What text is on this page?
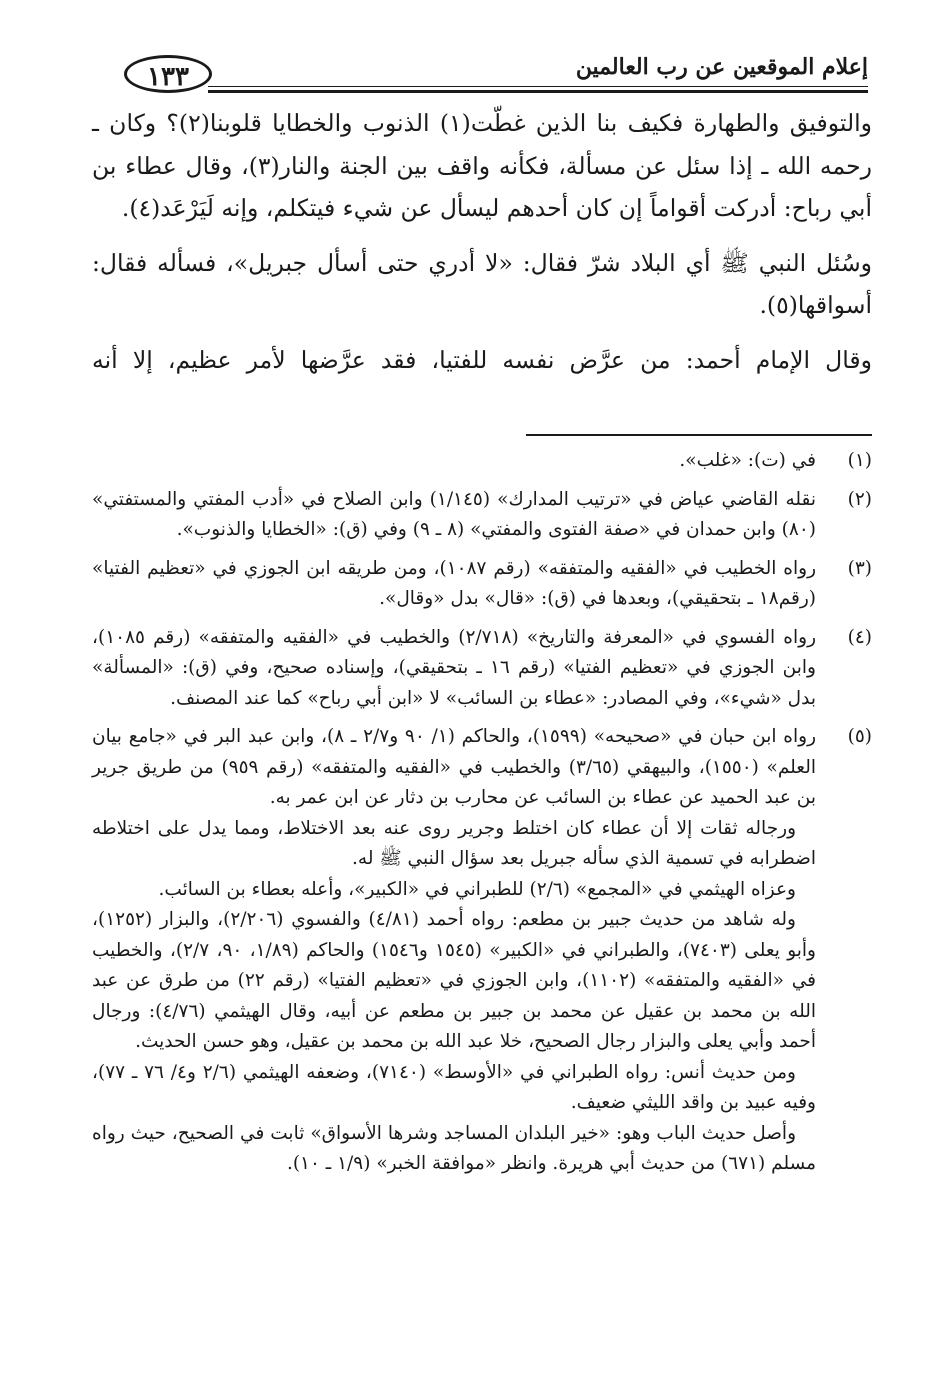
إعلام الموقعين عن رب العالمين
١٣٣

والتوفيق والطهارة فكيف بنا الذين غطّت(١) الذنوب والخطايا قلوبنا(٢)؟ وكان ـ رحمه الله ـ إذا سئل عن مسألة، فكأنه واقف بين الجنة والنار(٣)، وقال عطاء بن أبي رباح: أدركت أقواماً إن كان أحدهم ليسأل عن شيء فيتكلم، وإنه لَيَرْعَد(٤).

وسُئل النبي ﷺ أي البلاد شرّ فقال: «لا أدري حتى أسأل جبريل»، فسأله فقال: أسواقها(٥).

وقال الإمام أحمد: من عرَّض نفسه للفتيا، فقد عرَّضها لأمر عظيم، إلا أنه

(١)

في (ت): «غلب».

(٢)

نقله القاضي عياض في «ترتيب المدارك» (١/١٤٥) وابن الصلاح في «أدب المفتي والمستفتي» (٨٠) وابن حمدان في «صفة الفتوى والمفتي» (٨ ـ ٩) وفي (ق): «الخطايا والذنوب».

(٣)

رواه الخطيب في «الفقيه والمتفقه» (رقم ١٠٨٧)، ومن طريقه ابن الجوزي في «تعظيم الفتيا» (رقم١٨ ـ بتحقيقي)، وبعدها في (ق): «قال» بدل «وقال».

(٤)

رواه الفسوي في «المعرفة والتاريخ» (٢/٧١٨) والخطيب في «الفقيه والمتفقه» (رقم ١٠٨٥)، وابن الجوزي في «تعظيم الفتيا» (رقم ١٦ ـ بتحقيقي)، وإسناده صحيح، وفي (ق): «المسألة» بدل «شيء»، وفي المصادر: «عطاء بن السائب» لا «ابن أبي رباح» كما عند المصنف.

(٥)

رواه ابن حبان في «صحيحه» (١٥٩٩)، والحاكم (١/ ٩٠ و٢/٧ ـ ٨)، وابن عبد البر في «جامع بيان العلم» (١٥٥٠)، والبيهقي (٣/٦٥) والخطيب في «الفقيه والمتفقه» (رقم ٩٥٩) من طريق جرير بن عبد الحميد عن عطاء بن السائب عن محارب بن دثار عن ابن عمر به.

ورجاله ثقات إلا أن عطاء كان اختلط وجرير روى عنه بعد الاختلاط، ومما يدل على اختلاطه اضطرابه في تسمية الذي سأله جبريل بعد سؤال النبي ﷺ له.

وعزاه الهيثمي في «المجمع» (٢/٦) للطبراني في «الكبير»، وأعله بعطاء بن السائب.

وله شاهد من حديث جبير بن مطعم: رواه أحمد (٤/٨١) والفسوي (٢/٢٠٦)، والبزار (١٢٥٢)، وأبو يعلى (٧٤٠٣)، والطبراني في «الكبير» (١٥٤٥ و١٥٤٦) والحاكم (١/٨٩، ٩٠، ٢/٧)، والخطيب في «الفقيه والمتفقه» (١١٠٢)، وابن الجوزي في «تعظيم الفتيا» (رقم ٢٢) من طرق عن عبد الله بن محمد بن عقيل عن محمد بن جبير بن مطعم عن أبيه، وقال الهيثمي (٤/٧٦): ورجال أحمد وأبي يعلى والبزار رجال الصحيح، خلا عبد الله بن محمد بن عقيل، وهو حسن الحديث.

ومن حديث أنس: رواه الطبراني في «الأوسط» (٧١٤٠)، وضعفه الهيثمي (٢/٦ و٤/ ٧٦ ـ ٧٧)، وفيه عبيد بن واقد الليثي ضعيف.

وأصل حديث الباب وهو: «خير البلدان المساجد وشرها الأسواق» ثابت في الصحيح، حيث رواه مسلم (٦٧١) من حديث أبي هريرة. وانظر «موافقة الخبر» (١/٩ ـ ١٠).
